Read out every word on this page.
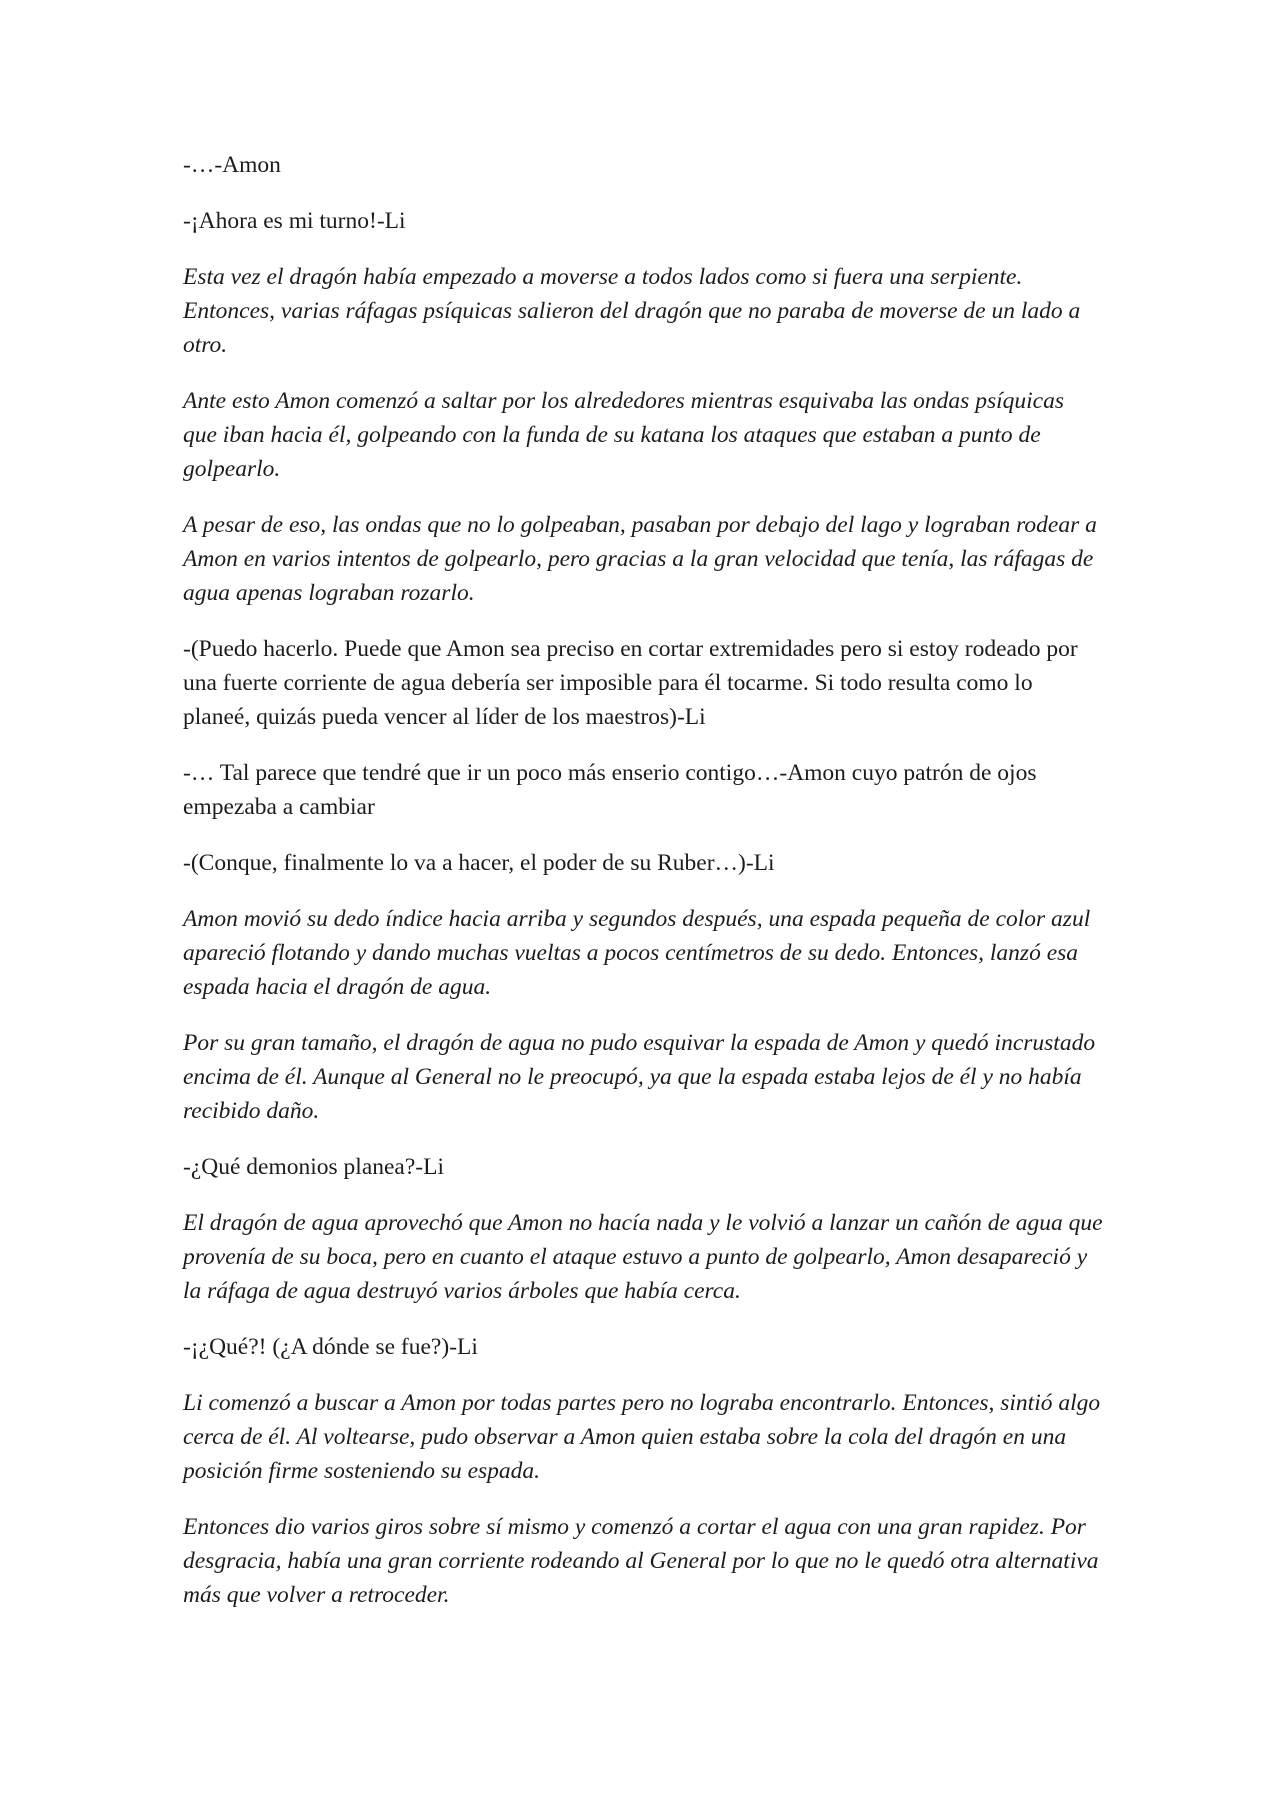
-…-Amon

-¡Ahora es mi turno!-Li

Esta vez el dragón había empezado a moverse a todos lados como si fuera una serpiente. Entonces, varias ráfagas psíquicas salieron del dragón que no paraba de moverse de un lado a otro.

Ante esto Amon comenzó a saltar por los alrededores mientras esquivaba las ondas psíquicas que iban hacia él, golpeando con la funda de su katana los ataques que estaban a punto de golpearlo.

A pesar de eso, las ondas que no lo golpeaban, pasaban por debajo del lago y lograban rodear a Amon en varios intentos de golpearlo, pero gracias a la gran velocidad que tenía, las ráfagas de agua apenas lograban rozarlo.

-(Puedo hacerlo. Puede que Amon sea preciso en cortar extremidades pero si estoy rodeado por una fuerte corriente de agua debería ser imposible para él tocarme. Si todo resulta como lo planeé, quizás pueda vencer al líder de los maestros)-Li

-… Tal parece que tendré que ir un poco más enserio contigo…-Amon cuyo patrón de ojos empezaba a cambiar

-(Conque, finalmente lo va a hacer, el poder de su Ruber…)-Li

Amon movió su dedo índice hacia arriba y segundos después, una espada pequeña de color azul apareció flotando y dando muchas vueltas a pocos centímetros de su dedo. Entonces, lanzó esa espada hacia el dragón de agua.

Por su gran tamaño, el dragón de agua no pudo esquivar la espada de Amon y quedó incrustado encima de él. Aunque al General no le preocupó, ya que la espada estaba lejos de él y no había recibido daño.

-¿Qué demonios planea?-Li

El dragón de agua aprovechó que Amon no hacía nada y le volvió a lanzar un cañón de agua que provenía de su boca, pero en cuanto el ataque estuvo a punto de golpearlo, Amon desapareció y la ráfaga de agua destruyó varios árboles que había cerca.

-¡¿Qué?! (¿A dónde se fue?)-Li

Li comenzó a buscar a Amon por todas partes pero no lograba encontrarlo. Entonces, sintió algo cerca de él. Al voltearse, pudo observar a Amon quien estaba sobre la cola del dragón en una posición firme sosteniendo su espada.

Entonces dio varios giros sobre sí mismo y comenzó a cortar el agua con una gran rapidez. Por desgracia, había una gran corriente rodeando al General por lo que no le quedó otra alternativa más que volver a retroceder.
